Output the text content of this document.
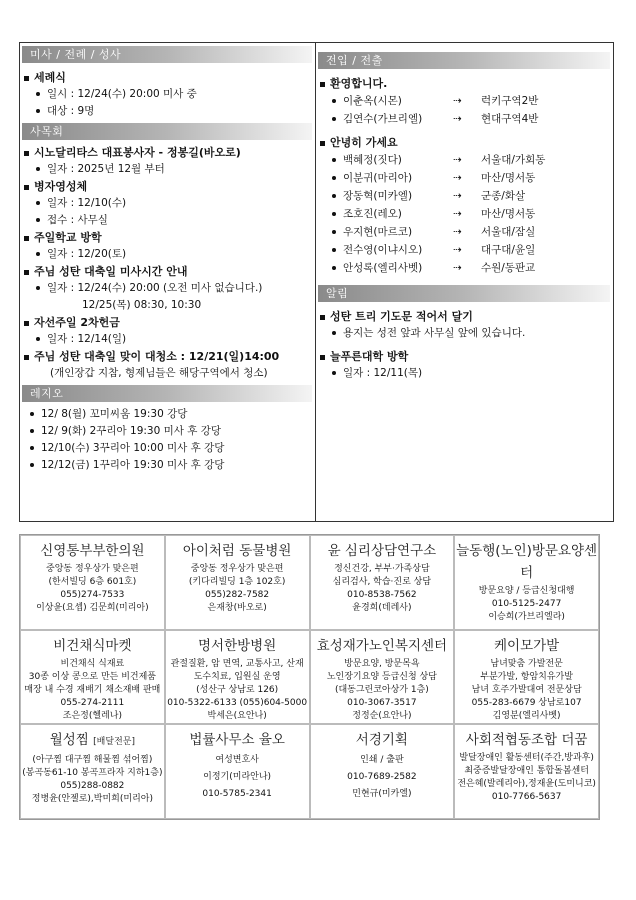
미사 / 전례 / 성사
세례식
일시 : 12/24(수) 20:00 미사 중
대상 : 9명
사목회
시노달리타스 대표봉사자 - 정봉길(바오로)
일자 : 2025년 12월 부터
병자영성체
일자 : 12/10(수)
접수 : 사무실
주일학교 방학
일자 : 12/20(토)
주님 성탄 대축일 미사시간 안내
일자 : 12/24(수) 20:00 (오전 미사 없습니다.)
12/25(목) 08:30, 10:30
자선주일 2차헌금
일자 : 12/14(일)
주님 성탄 대축일 맞이 대청소 : 12/21(일)14:00
(개인장갑 지참, 형제님들은 해당구역에서 청소)
레지오
12/ 8(월) 꼬미씨움 19:30 강당
12/ 9(화) 2꾸리아 19:30 미사 후 강당
12/10(수) 3꾸리아 10:00 미사 후 강당
12/12(금) 1꾸리아 19:30 미사 후 강당
전입 / 전출
환영합니다.
이춘옥(시몬)	⇢	럭키구역2반
김연수(가브리엘)	⇢	현대구역4반
안녕히 가세요
백혜정(짓다)	⇢	서울대/가회동
이분귀(마리아)	⇢	마산/명서동
장동혁(미카엘)	⇢	군종/화살
조호진(레오)	⇢	마산/명서동
우지현(마르코)	⇢	서울대/잠실
전수영(이냐시오)	⇢	대구대/윤일
안성록(엘리사벳)	⇢	수원/동판교
알림
성탄 트리 기도문 적어서 달기
용지는 성전 앞과 사무실 앞에 있습니다.
늘푸른대학 방학
일자 : 12/11(목)
신영통부부한의원
중앙동 정우상가 맞은편
(한서빌딩 6층 601호)
055)274-7533
이상윤(요셉) 김문희(미리아)
아이처럼 동물병원
중앙동 정우상가 맞은편
(키다리빌딩 1층 102호)
055)282-7582
은재창(바오로)
윤 심리상담연구소
정신건강, 부부·가족상담
심리검사, 학습·진로 상담
010-8538-7562
윤경희(데레사)
늘동행(노인)방문요양센터
방문요양 / 등급신청대행
010-5125-2477
이승희(가브리엘라)
비건채식마켓
비건채식 식재료
30종 이상 콩으로 만든 비건제품
매장 내 수경 재배기 채소재배 판매
055-274-2111
조은정(헬레나)
명서한방병원
관절질환, 암 면역, 교통사고, 산재
도수치료, 입원실 운영
(성산구 상남로 126)
010-5322-6133 (055)604-5000
박세은(요안나)
효성재가노인복지센터
방문요양, 방문목욕
노인장기요양 등급신청 상담
(대동그린코아상가 1층)
010-3067-3517
정정순(요안나)
케이모가발
남녀맞춤 가발전문
부분가발, 항암치유가발
남녀 호주가발대여 전문상담
055-283-6679 상남로107
김영분(엘리사벳)
월성찜 [배달전문]
(아구찜 대구찜 해물찜 섞어찜)
(봉곡동61-10 봉곡프라자 지하1층)
055)288-0882
정병윤(안젤로),박미희(미리아)
법률사무소 율오
여성변호사
이정기(미라안나)
010-5785-2341
서경기획
인쇄 / 출판
010-7689-2582
민현규(미카엘)
사회적협동조합 더꿈
발달장애인 활동센터(주간,방과후)
최중증발달장애인 통합돌봄센터
전은혜(발레리아),정재윤(도미니코)
010-7766-5637
